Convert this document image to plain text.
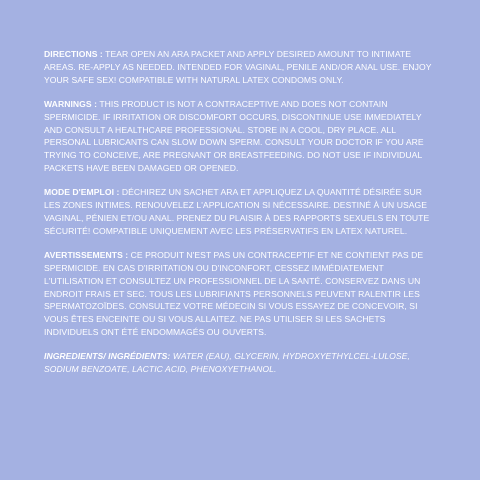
DIRECTIONS : TEAR OPEN AN ARA PACKET AND APPLY DESIRED AMOUNT TO INTIMATE AREAS. RE-APPLY AS NEEDED. INTENDED FOR VAGINAL, PENILE AND/OR ANAL USE. ENJOY YOUR SAFE SEX! COMPATIBLE WITH NATURAL LATEX CONDOMS ONLY.

WARNINGS : THIS PRODUCT IS NOT A CONTRACEPTIVE AND DOES NOT CONTAIN SPERMICIDE. IF IRRITATION OR DISCOMFORT OCCURS, DISCONTINUE USE IMMEDIATELY AND CONSULT A HEALTHCARE PROFESSIONAL. STORE IN A COOL, DRY PLACE. ALL PERSONAL LUBRICANTS CAN SLOW DOWN SPERM. CONSULT YOUR DOCTOR IF YOU ARE TRYING TO CONCEIVE, ARE PREGNANT OR BREASTFEEDING. DO NOT USE IF INDIVIDUAL PACKETS HAVE BEEN DAMAGED OR OPENED.

MODE D'EMPLOI : DÉCHIREZ UN SACHET ARA ET APPLIQUEZ LA QUANTITÉ DÉSIRÉE SUR LES ZONES INTIMES. RENOUVELEZ L'APPLICATION SI NÉCESSAIRE. DESTINÉ À UN USAGE VAGINAL, PÉNIEN ET/OU ANAL. PRENEZ DU PLAISIR À DES RAPPORTS SEXUELS EN TOUTE SÉCURITÉ! COMPATIBLE UNIQUEMENT AVEC LES PRÉSERVATIFS EN LATEX NATUREL.

AVERTISSEMENTS : CE PRODUIT N'EST PAS UN CONTRACEPTIF ET NE CONTIENT PAS DE SPERMICIDE. EN CAS D'IRRITATION OU D'INCONFORT, CESSEZ IMMÉDIATEMENT L'UTILISATION ET CONSULTEZ UN PROFESSIONNEL DE LA SANTÉ. CONSERVEZ DANS UN ENDROIT FRAIS ET SEC. TOUS LES LUBRIFIANTS PERSONNELS PEUVENT RALENTIR LES SPERMATOZOÏDES. CONSULTEZ VOTRE MÉDECIN SI VOUS ESSAYEZ DE CONCEVOIR, SI VOUS ÊTES ENCEINTE OU SI VOUS ALLAITEZ. NE PAS UTILISER SI LES SACHETS INDIVIDUELS ONT ÉTÉ ENDOMMAGÉS OU OUVERTS.

INGREDIENTS/ INGRÉDIENTS: WATER (EAU), GLYCERIN, HYDROXYETHYLCEL-LULOSE, SODIUM BENZOATE, LACTIC ACID, PHENOXYETHANOL.
